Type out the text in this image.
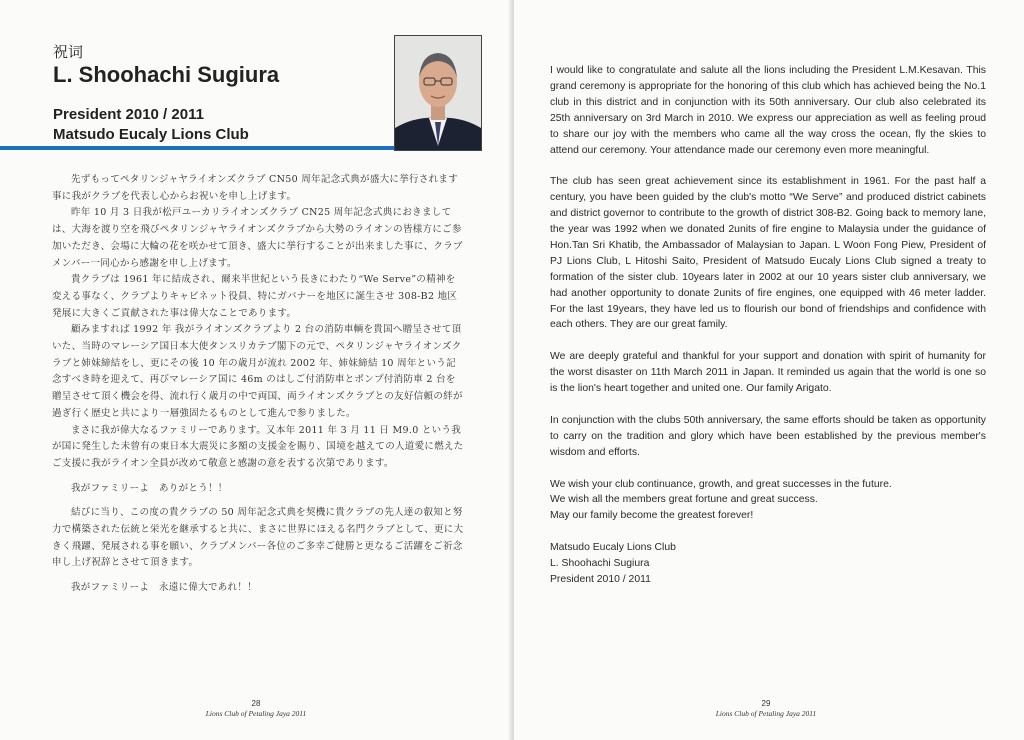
祝词
L. Shoohachi Sugiura
President 2010 / 2011
Matsudo Eucaly Lions Club

先ずもってペタリンジャヤライオンズクラブ CN50 周年記念式典が盛大に挙行されます事に我がクラブを代表し心からお祝いを申し上げます。

昨年 10 月 3 日我が松戸ユーカリライオンズクラブ CN25 周年記念式典におきましては、大海を渡り空を飛びペタリンジャヤライオンズクラブから大勢のライオンの皆様方にご参加いただき、会場に大輪の花を咲かせて頂き、盛大に挙行することが出来ました事に、クラブメンバー一同心から感謝を申し上げます。

貴クラブは 1961 年に結成され、爾来半世紀という長きにわたり“We Serve”の精神を変える事なく、クラブよりキャビネット役員、特にガバナーを地区に誕生させ 308-B2 地区発展に大きくご貢献された事は偉大なことであります。

顧みますれば 1992 年 我がライオンズクラブより 2 台の消防車輌を貴国へ贈呈させて頂いた、当時のマレーシア国日本大使タンスリカテブ閣下の元で、ペタリンジャヤライオンズクラブと姉妹締結をし、更にその後 10 年の歳月が流れ 2002 年、姉妹締結 10 周年という記念すべき時を迎えて、再びマレーシア国に 46m のはしご付消防車とポンプ付消防車 2 台を贈呈させて頂く機会を得、流れ行く歳月の中で両国、両ライオンズクラブとの友好信頼の絆が過ぎ行く歴史と共により一層強固たるものとして進んで参りました。

まさに我が偉大なるファミリーであります。又本年 2011 年 3 月 11 日 M9.0 という我が国に発生した未曾有の東日本大震災に多額の支援金を賜り、国境を越えての人道愛に燃えたご支援に我がライオン全員が改めて敬意と感謝の意を表する次第であります。

我がファミリーよ　ありがとう！！

結びに当り、この度の貴クラブの 50 周年記念式典を契機に貴クラブの先人達の叡知と努力で構築された伝統と栄光を継承すると共に、まさに世界にほえる名門クラブとして、更に大きく飛躍、発展される事を願い、クラブメンバー各位のご多幸ご健勝と更なるご活躍をご祈念申し上げ祝辞とさせて頂きます。

我がファミリーよ　永遠に偉大であれ！！

28
Lions Club of Petaling Jaya 2011

I would like to congratulate and salute all the lions including the President L.M.Kesavan. This grand ceremony is appropriate for the honoring of this club which has achieved being the No.1 club in this district and in conjunction with its 50th anniversary. Our club also celebrated its 25th anniversary on 3rd March in 2010. We express our appreciation as well as feeling proud to share our joy with the members who came all the way cross the ocean, fly the skies to attend our ceremony. Your attendance made our ceremony even more meaningful.

The club has seen great achievement since its establishment in 1961. For the past half a century, you have been guided by the club's motto “We Serve” and produced district cabinets and district governor to contribute to the growth of district 308-B2. Going back to memory lane, the year was 1992 when we donated 2units of fire engine to Malaysia under the guidance of Hon.Tan Sri Khatib, the Ambassador of Malaysian to Japan. L Woon Fong Piew, President of PJ Lions Club, L Hitoshi Saito, President of Matsudo Eucaly Lions Club signed a treaty to formation of the sister club. 10years later in 2002 at our 10 years sister club anniversary, we had another opportunity to donate 2units of fire engines, one equipped with 46 meter ladder. For the last 19years, they have led us to flourish our bond of friendships and confidence with each others. They are our great family.

We are deeply grateful and thankful for your support and donation with spirit of humanity for the worst disaster on 11th March 2011 in Japan. It reminded us again that the world is one so is the lion's heart together and united one. Our family Arigato.

In conjunction with the clubs 50th anniversary, the same efforts should be taken as opportunity to carry on the tradition and glory which have been established by the previous member's wisdom and efforts.

We wish your club continuance, growth, and great successes in the future.
We wish all the members great fortune and great success.
May our family become the greatest forever!
Matsudo Eucaly Lions Club
L. Shoohachi Sugiura
President 2010 / 2011
29
Lions Club of Petaling Jaya 2011
